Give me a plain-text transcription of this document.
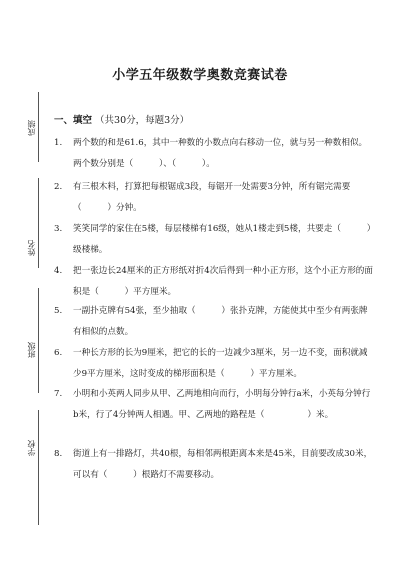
小学五年级数学奥数竞赛试卷
成绩
姓名
班级
学校
一、填空 （共30分，每题3分）
1. 两个数的和是61.6，其中一种数的小数点向右移动一位，就与另一种数相似。两个数分别是（　　　）、（　　　）。
2. 有三根木料，打算把每根锯成3段，每锯开一处需要3分钟，所有锯完需要（　　　）分钟。
3. 笑笑同学的家住在5楼，每层楼梯有16级，她从1楼走到5楼，共要走（　　　）级楼梯。
4. 把一张边长24厘米的正方形纸对折4次后得到一种小正方形，这个小正方形的面积是（　　　）平方厘米。
5. 一副扑克牌有54张，至少抽取（　　　）张扑克牌，方能使其中至少有两张牌有相似的点数。
6. 一种长方形的长为9厘米，把它的长的一边减少3厘米，另一边不变，面积就减少9平方厘米，这时变成的梯形面积是（　　　）平方厘米。
7. 小明和小英两人同步从甲、乙两地相向而行，小明每分钟行a米，小英每分钟行b米，行了4分钟两人相遇。甲、乙两地的路程是（　　　　　）米。
8. 街道上有一排路灯，共40根，每相邻两根距离本来是45米，目前要改成30米，可以有（　　　）根路灯不需要移动。
